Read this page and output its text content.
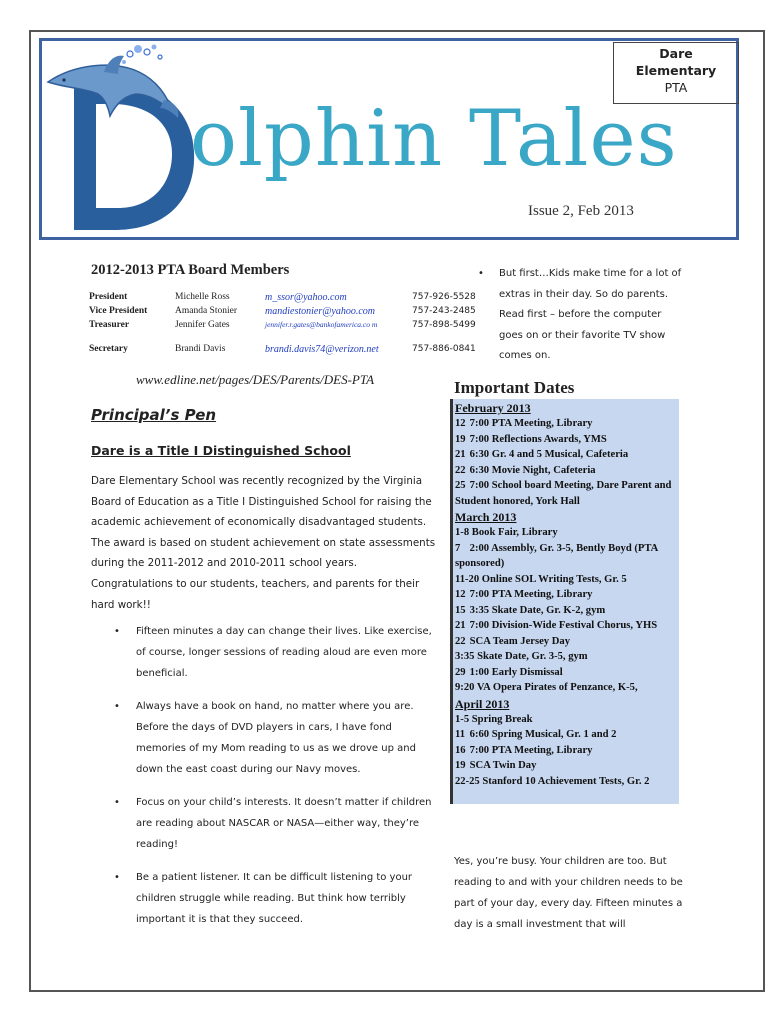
olphin Tales
Issue 2, Feb 2013
Dare
Elementary
PTA
2012-2013 PTA Board Members
President	Michelle Ross	m_ssor@yahoo.com	757-926-5528
Vice President	Amanda Stonier	mandiestonier@yahoo.com	757-243-2485
Treasurer	Jennifer Gates	jennifer.r.gates@bankofamerica.co m	757-898-5499

Secretary	Brandi Davis	brandi.davis74@verizon.net	757-886-0841
www.edline.net/pages/DES/Parents/DES-PTA
Principal’s Pen
Dare is a Title I Distinguished School

Dare Elementary School was recently recognized by the Virginia Board of Education as a Title I Distinguished School for raising the academic achievement of economically disadvantaged students. The award is based on student achievement on state assessments during the 2011-2012 and 2010-2011 school years. Congratulations to our students, teachers, and parents for their hard work!!

• Fifteen minutes a day can change their lives. Like exercise, of course, longer sessions of reading aloud are even more beneficial.
• Always have a book on hand, no matter where you are. Before the days of DVD players in cars, I have fond memories of my Mom reading to us as we drove up and down the east coast during our Navy moves.
• Focus on your child’s interests. It doesn’t matter if children are reading about NASCAR or NASA—either way, they’re reading!
• Be a patient listener. It can be difficult listening to your children struggle while reading. But think how terribly important it is that they succeed.
• But first…Kids make time for a lot of extras in their day. So do parents. Read first – before the computer goes on or their favorite TV show comes on.
Important Dates
February 2013
12 7:00 PTA Meeting, Library
19 7:00 Reflections Awards, YMS
21 6:30 Gr. 4 and 5 Musical, Cafeteria
22 6:30 Movie Night, Cafeteria
25 7:00 School board Meeting, Dare Parent and Student honored, York Hall
March 2013
1-8 Book Fair, Library
7 2:00 Assembly, Gr. 3-5, Bently Boyd (PTA sponsored)
11-20 Online SOL Writing Tests, Gr. 5
12 7:00 PTA Meeting, Library
15 3:35 Skate Date, Gr. K-2, gym
21 7:00 Division-Wide Festival Chorus, YHS
22 SCA Team Jersey Day
3:35 Skate Date, Gr. 3-5, gym
29 1:00 Early Dismissal
9:20 VA Opera Pirates of Penzance, K-5,
April 2013
1-5 Spring Break
11 6:60 Spring Musical, Gr. 1 and 2
16 7:00 PTA Meeting, Library
19 SCA Twin Day
22-25 Stanford 10 Achievement Tests, Gr. 2
Yes, you’re busy. Your children are too. But reading to and with your children needs to be part of your day, every day. Fifteen minutes a day is a small investment that will
